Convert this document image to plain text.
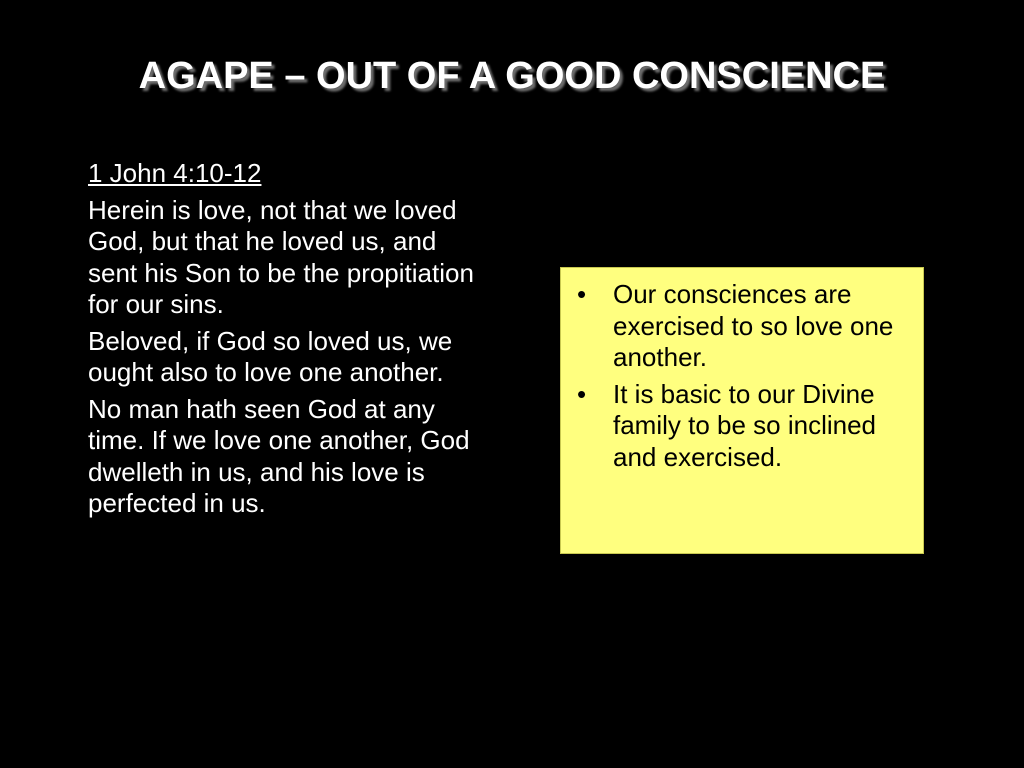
AGAPE – OUT OF A GOOD CONSCIENCE

1 John 4:10-12

Herein is love, not that we loved God, but that he loved us, and sent his Son to be the propitiation for our sins.

Beloved, if God so loved us, we ought also to love one another.

No man hath seen God at any time. If we love one another, God dwelleth in us, and his love is perfected in us.

•	Our consciences are exercised to so love one another.
•	It is basic to our Divine family to be so inclined and exercised.
